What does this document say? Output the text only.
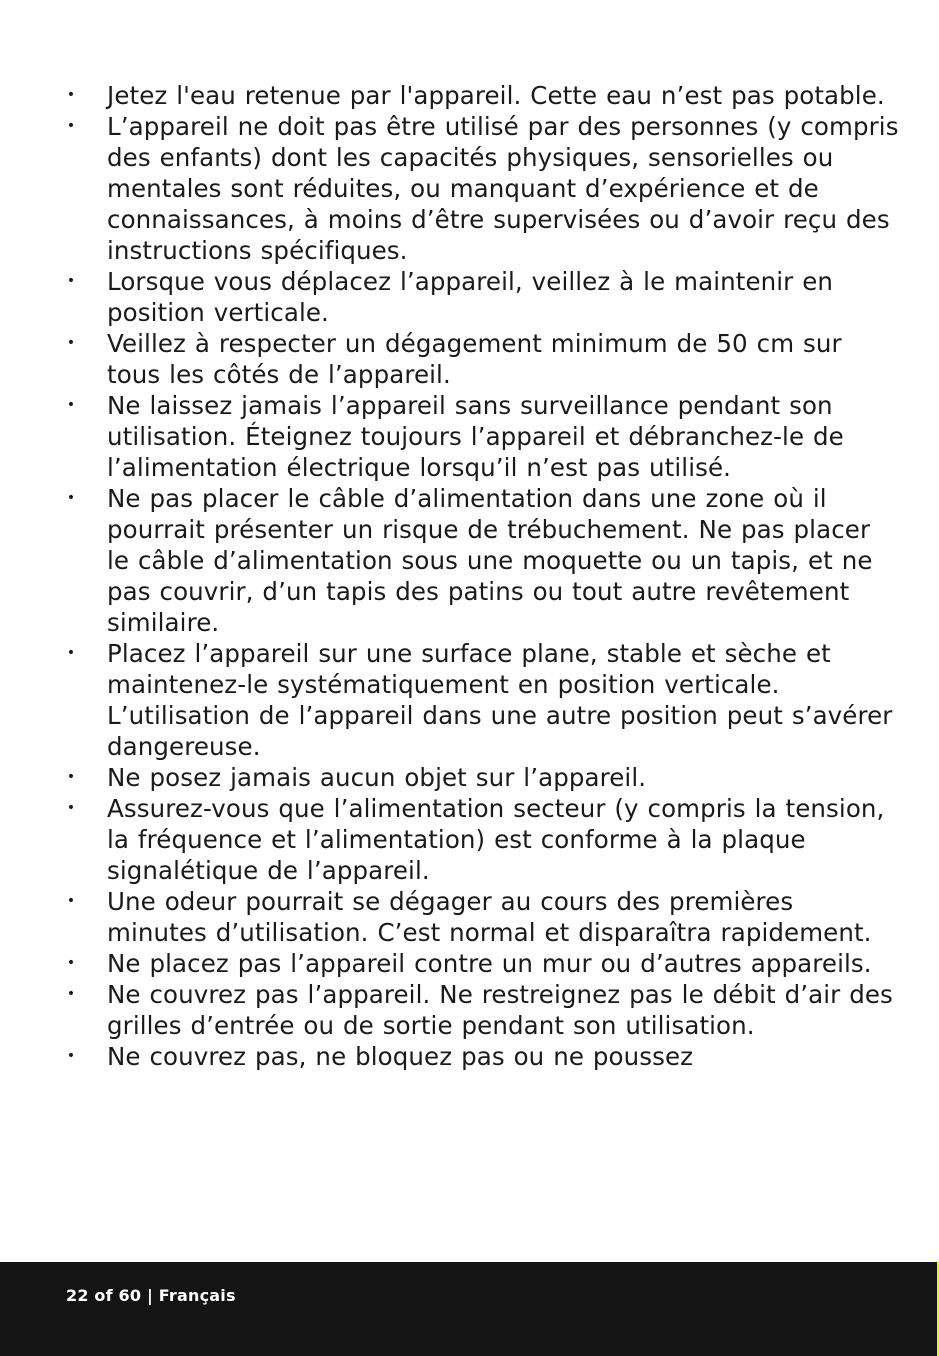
• Jetez l'eau retenue par l'appareil. Cette eau n’est pas potable.
• L’appareil ne doit pas être utilisé par des personnes (y compris des enfants) dont les capacités physiques, sensorielles ou mentales sont réduites, ou manquant d’expérience et de connaissances, à moins d’être supervisées ou d’avoir reçu des instructions spécifiques.
• Lorsque vous déplacez l’appareil, veillez à le maintenir en position verticale.
• Veillez à respecter un dégagement minimum de 50 cm sur tous les côtés de l’appareil.
• Ne laissez jamais l’appareil sans surveillance pendant son utilisation. Éteignez toujours l’appareil et débranchez-le de l’alimentation électrique lorsqu’il n’est pas utilisé.
• Ne pas placer le câble d’alimentation dans une zone où il pourrait présenter un risque de trébuchement. Ne pas placer le câble d’alimentation sous une moquette ou un tapis, et ne pas couvrir, d’un tapis des patins ou tout autre revêtement similaire.
• Placez l’appareil sur une surface plane, stable et sèche et maintenez-le systématiquement en position verticale. L’utilisation de l’appareil dans une autre position peut s’avérer dangereuse.
• Ne posez jamais aucun objet sur l’appareil.
• Assurez-vous que l’alimentation secteur (y compris la tension, la fréquence et l’alimentation) est conforme à la plaque signalétique de l’appareil.
• Une odeur pourrait se dégager au cours des premières minutes d’utilisation. C’est normal et disparaîtra rapidement.
• Ne placez pas l’appareil contre un mur ou d’autres appareils.
• Ne couvrez pas l’appareil. Ne restreignez pas le débit d’air des grilles d’entrée ou de sortie pendant son utilisation.
• Ne couvrez pas, ne bloquez pas ou ne poussez
22 of 60 | Français
